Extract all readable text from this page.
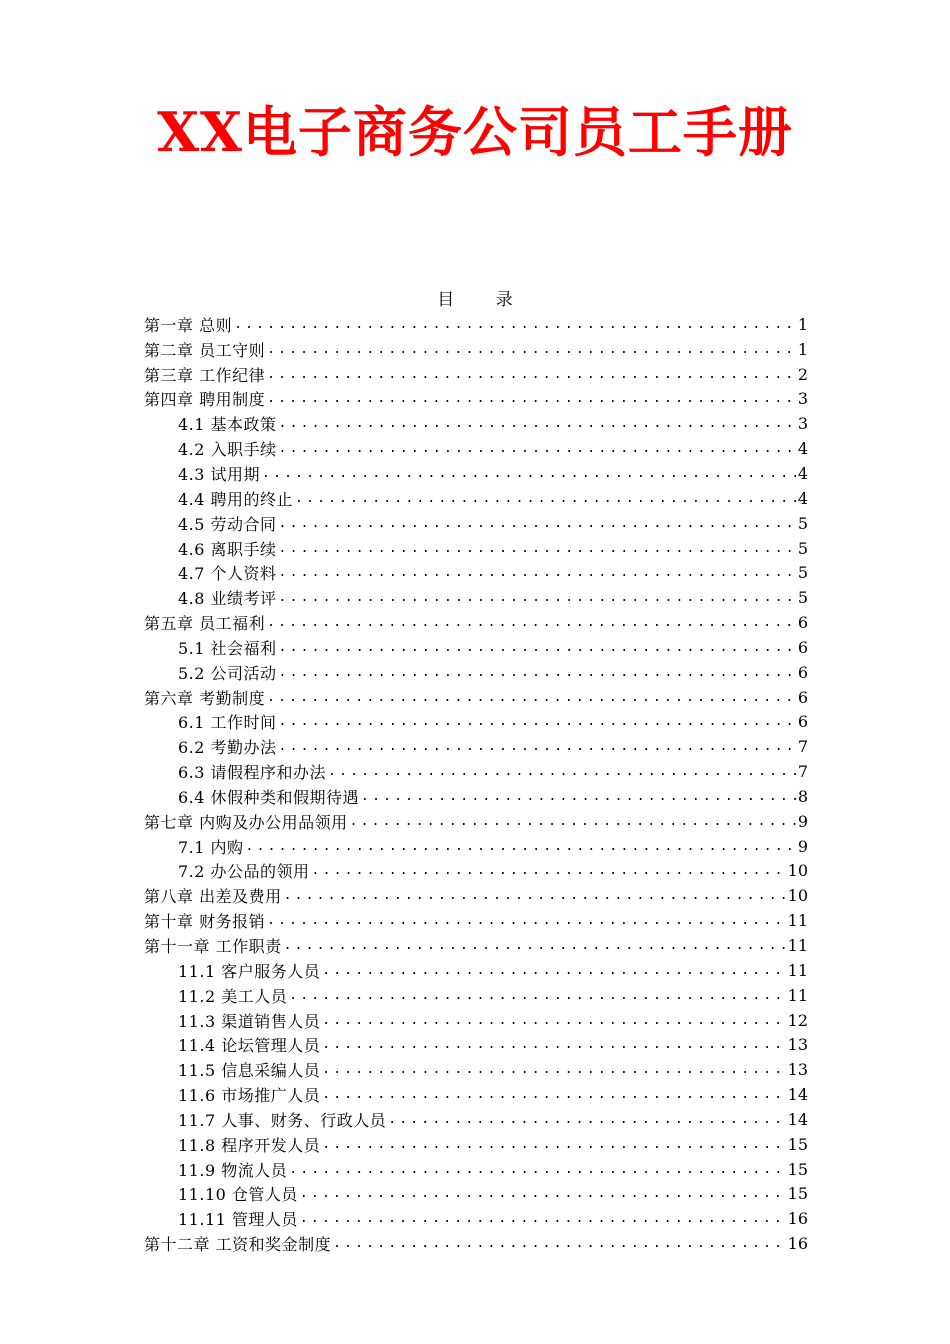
XX电子商务公司员工手册
目 录
第一章 总则 .....	1
第二章 员工守则 .....	1
第三章 工作纪律 .....	2
第四章 聘用制度 .....	3
4.1 基本政策 .....	3
4.2 入职手续 .....	4
4.3 试用期 .....	4
4.4 聘用的终止 .....	4
4.5 劳动合同 .....	5
4.6 离职手续 .....	5
4.7 个人资料 .....	5
4.8 业绩考评 .....	5
第五章 员工福利 .....	6
5.1 社会福利 .....	6
5.2 公司活动 .....	6
第六章 考勤制度 .....	6
6.1 工作时间 .....	6
6.2 考勤办法 .....	7
6.3 请假程序和办法 .....	7
6.4 休假种类和假期待遇 .....	8
第七章 内购及办公用品领用 .....	9
7.1 内购 .....	9
7.2 办公品的领用 .....	10
第八章 出差及费用 .....	10
第十章 财务报销 .....	11
第十一章 工作职责 .....	11
11.1 客户服务人员 .....	11
11.2 美工人员 .....	11
11.3 渠道销售人员 .....	12
11.4 论坛管理人员 .....	13
11.5 信息采编人员 .....	13
11.6 市场推广人员 .....	14
11.7 人事、财务、行政人员 .....	14
11.8 程序开发人员 .....	15
11.9 物流人员 .....	15
11.10 仓管人员 .....	15
11.11 管理人员 .....	16
第十二章 工资和奖金制度 .....	16
